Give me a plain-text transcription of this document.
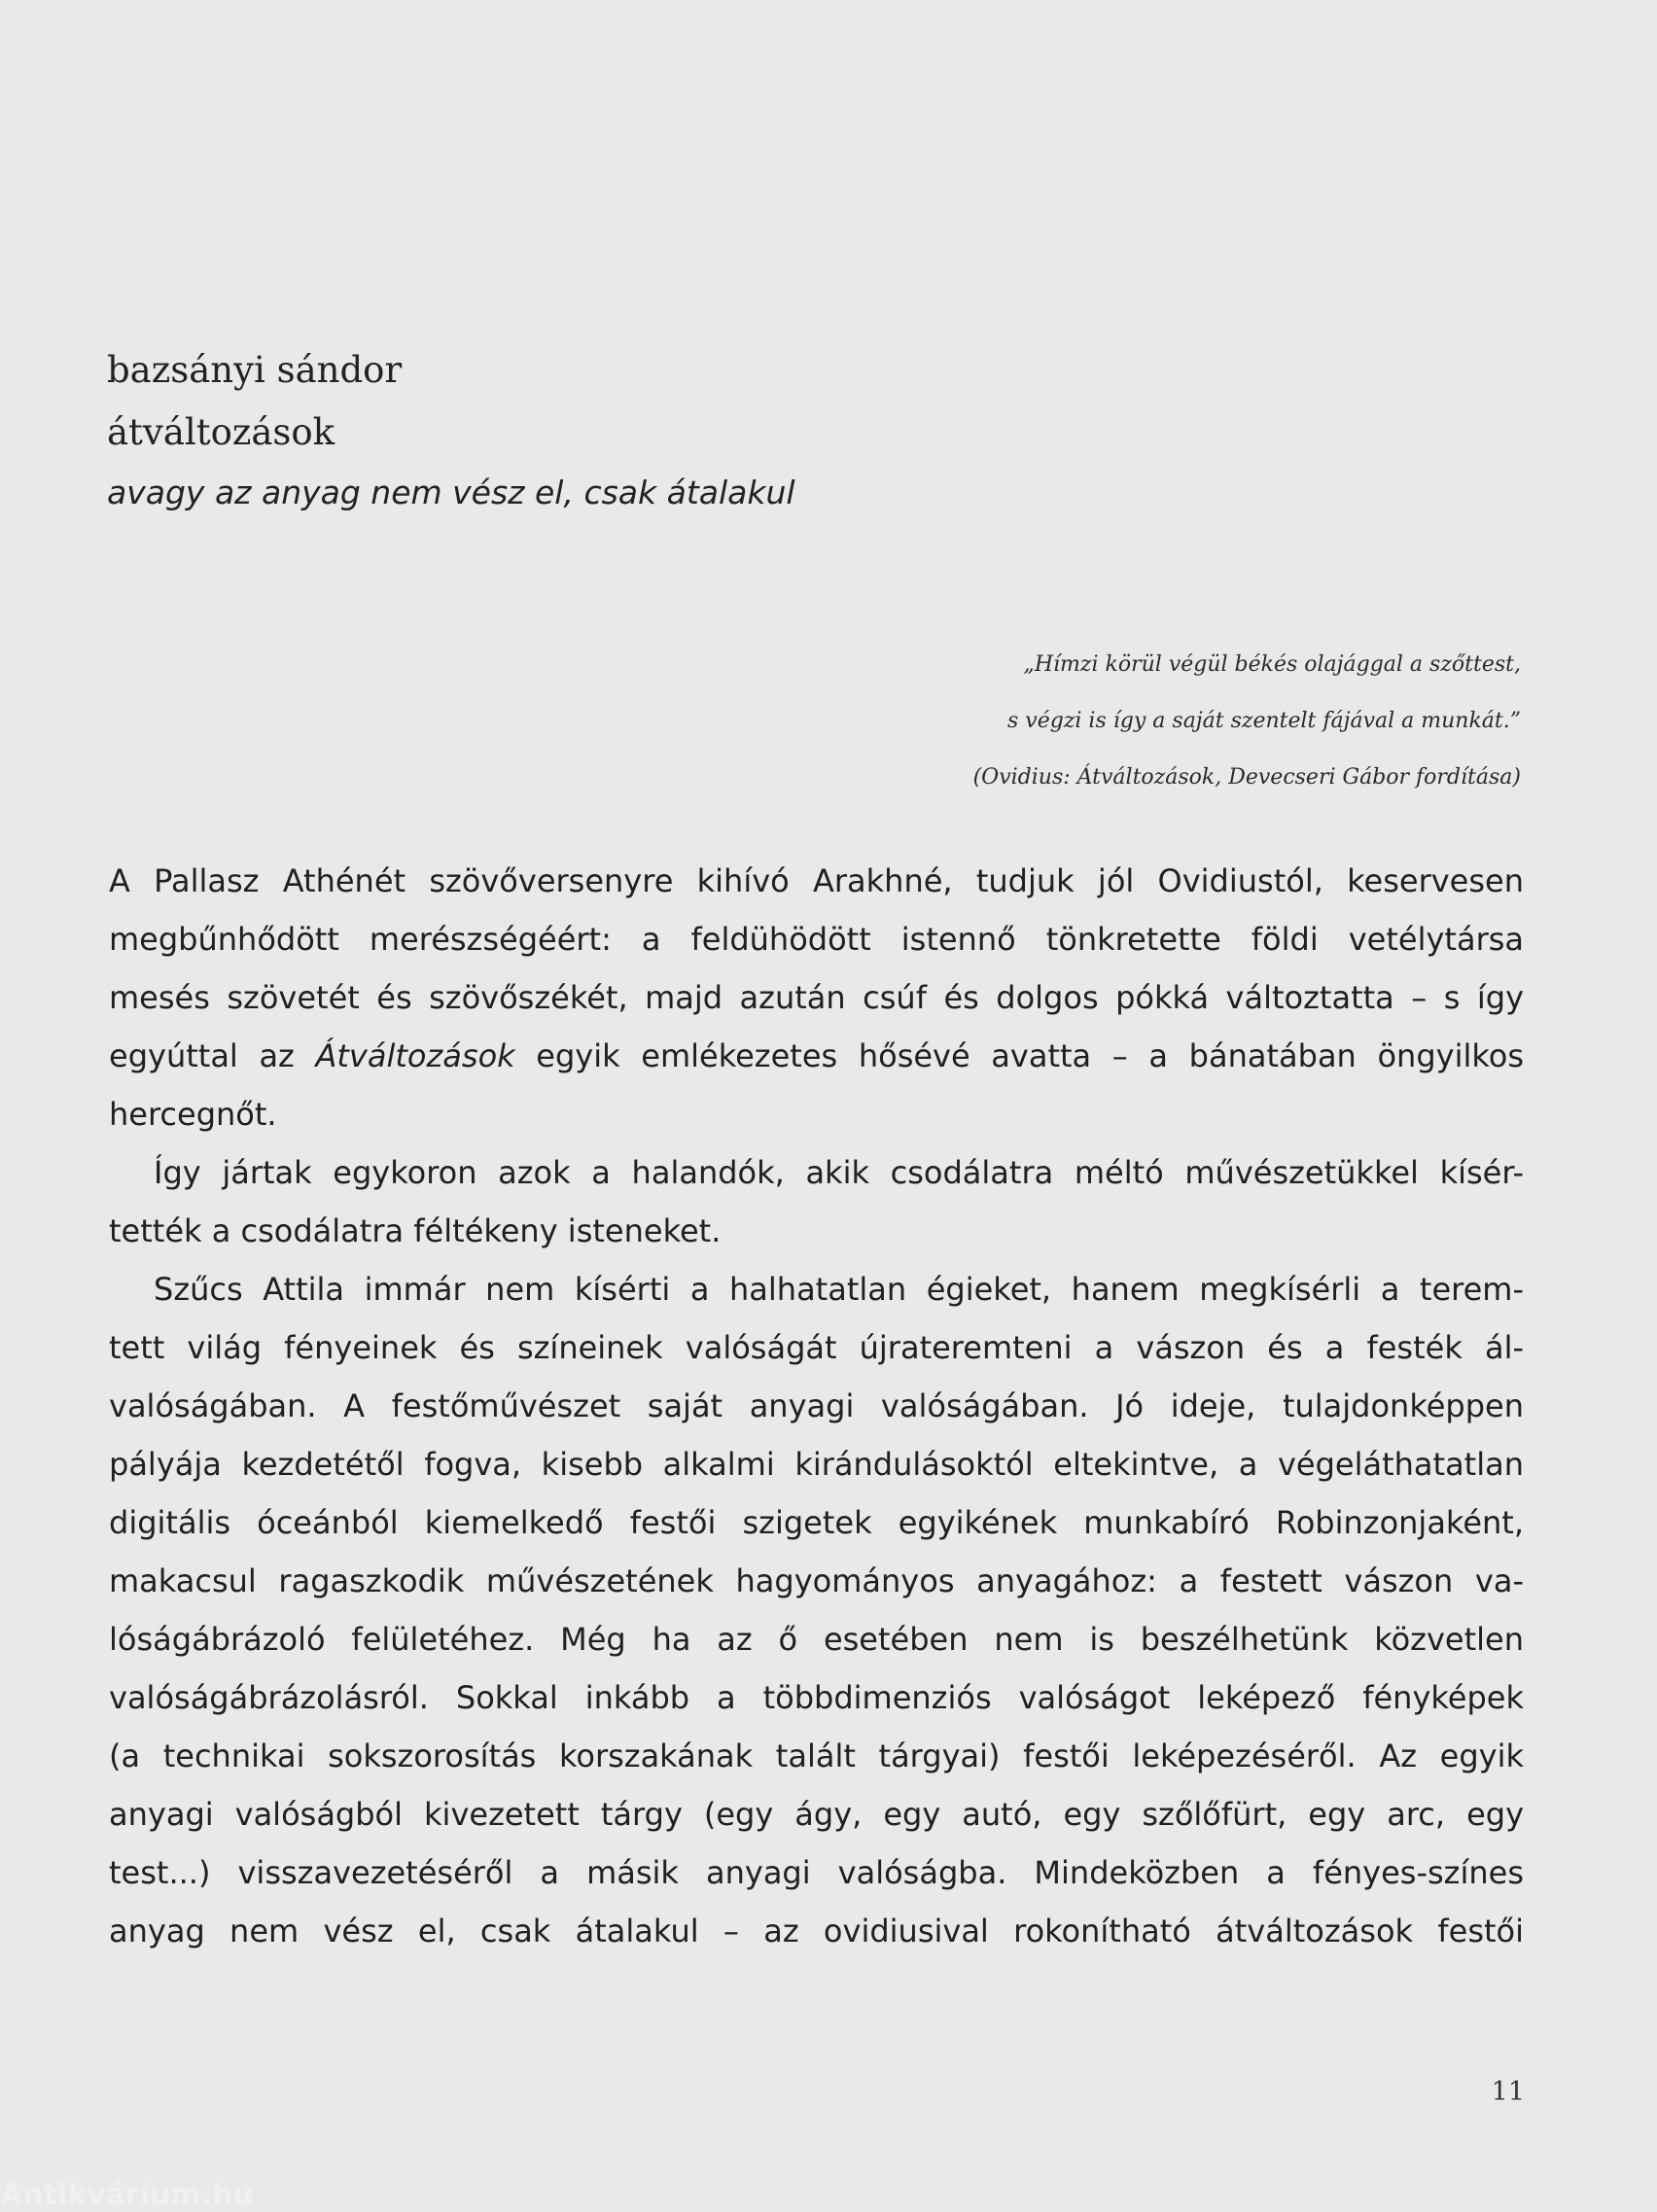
bazsányi sándor
átváltozások
avagy az anyag nem vész el, csak átalakul
„Hímzi körül végül békés olajággal a szőttest,
s végzi is így a saját szentelt fájával a munkát.”
(Ovidius: Átváltozások, Devecseri Gábor fordítása)
A Pallasz Athénét szövőversenyre kihívó Arakhné, tudjuk jól Ovidiustól, keservesen
megbűnhődött merészségéért: a feldühödött istennő tönkretette földi vetélytársa
mesés szövetét és szövőszékét, majd azután csúf és dolgos pókká változtatta – s így
egyúttal az Átváltozások egyik emlékezetes hősévé avatta – a bánatában öngyilkos
hercegnőt.
Így jártak egykoron azok a halandók, akik csodálatra méltó művészetükkel kísér-
tették a csodálatra féltékeny isteneket.
Szűcs Attila immár nem kísérti a halhatatlan égieket, hanem megkísérli a terem-
tett világ fényeinek és színeinek valóságát újrateremteni a vászon és a festék ál-
valóságában. A festőművészet saját anyagi valóságában. Jó ideje, tulajdonképpen
pályája kezdetétől fogva, kisebb alkalmi kirándulásoktól eltekintve, a végeláthatatlan
digitális óceánból kiemelkedő festői szigetek egyikének munkabíró Robinzonjaként,
makacsul ragaszkodik művészetének hagyományos anyagához: a festett vászon va-
lóságábrázoló felületéhez. Még ha az ő esetében nem is beszélhetünk közvetlen
valóságábrázolásról. Sokkal inkább a többdimenziós valóságot leképező fényképek
(a technikai sokszorosítás korszakának talált tárgyai) festői leképezéséről. Az egyik
anyagi valóságból kivezetett tárgy (egy ágy, egy autó, egy szőlőfürt, egy arc, egy
test...) visszavezetéséről a másik anyagi valóságba. Mindeközben a fényes-színes
anyag nem vész el, csak átalakul – az ovidiusival rokonítható átváltozások festői
11
Antikvárium.hu
